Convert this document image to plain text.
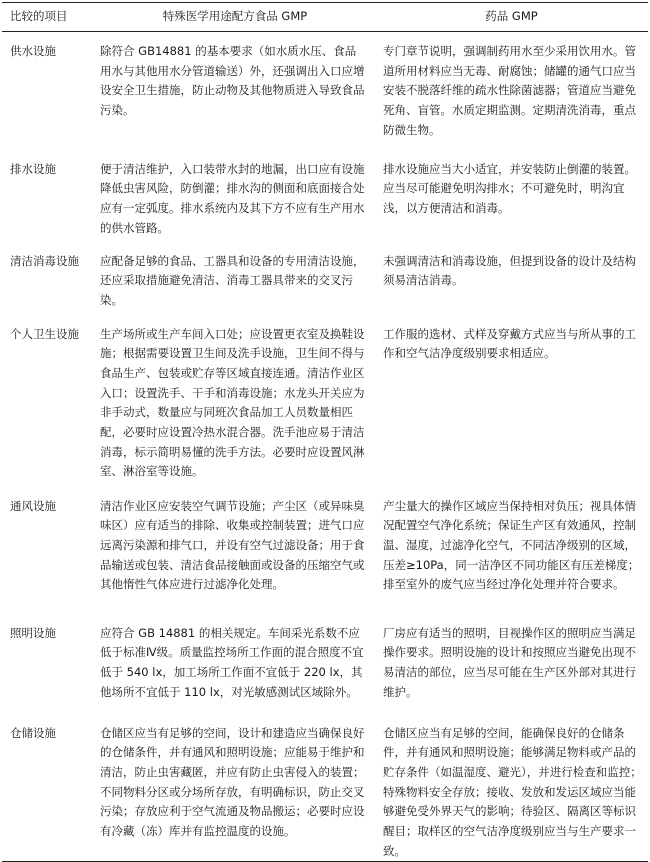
比较的项目	特殊医学用途配方食品 GMP	药品 GMP
供水设施	除符合 GB14881 的基本要求（如水质水压、食品用水与其他用水分管道输送）外，还强调出入口应增设安全卫生措施，防止动物及其他物质进入导致食品污染。	专门章节说明，强调制药用水至少采用饮用水。管道所用材料应当无毒、耐腐蚀；储罐的通气口应当安装不脱落纤维的疏水性除菌滤器；管道应当避免死角、盲管。水质定期监测。定期清洗消毒，重点防微生物。
排水设施	便于清洁维护，入口装带水封的地漏，出口应有设施降低虫害风险，防倒灌；排水沟的侧面和底面接合处应有一定弧度。排水系统内及其下方不应有生产用水的供水管路。	排水设施应当大小适宜，并安装防止倒灌的装置。应当尽可能避免明沟排水；不可避免时，明沟宜浅，以方便清洁和消毒。
清洁消毒设施	应配备足够的食品、工器具和设备的专用清洁设施，还应采取措施避免清洁、消毒工器具带来的交叉污染。	未强调清洁和消毒设施，但提到设备的设计及结构须易清洁消毒。
个人卫生设施	生产场所或生产车间入口处；应设置更衣室及换鞋设施；根据需要设置卫生间及洗手设施，卫生间不得与食品生产、包装或贮存等区域直接连通。清洁作业区入口；设置洗手、干手和消毒设施；水龙头开关应为非手动式，数量应与同班次食品加工人员数量相匹配，必要时应设置冷热水混合器。洗手池应易于清洁消毒，标示简明易懂的洗手方法。必要时应设置风淋室、淋浴室等设施。	工作服的选材、式样及穿戴方式应当与所从事的工作和空气洁净度级别要求相适应。
通风设施	清洁作业区应安装空气调节设施；产尘区（或异味臭味区）应有适当的排除、收集或控制装置；进气口应远离污染源和排气口，并设有空气过滤设备；用于食品输送或包装、清洁食品接触面或设备的压缩空气或其他惰性气体应进行过滤净化处理。	产尘量大的操作区域应当保持相对负压；视具体情况配置空气净化系统；保证生产区有效通风，控制温、湿度，过滤净化空气，不同洁净级别的区域，压差≥10Pa，同一洁净区不同功能区有压差梯度；排至室外的废气应当经过净化处理并符合要求。
照明设施	应符合 GB 14881 的相关规定。车间采光系数不应低于标准Ⅳ级。质量监控场所工作面的混合照度不宜低于 540 lx，加工场所工作面不宜低于 220 lx，其他场所不宜低于 110 lx，对光敏感测试区域除外。	厂房应有适当的照明，目视操作区的照明应当满足操作要求。照明设施的设计和按照应当避免出现不易清洁的部位，应当尽可能在生产区外部对其进行维护。
仓储设施	仓储区应当有足够的空间，设计和建造应当确保良好的仓储条件，并有通风和照明设施；应能易于维护和清洁，防止虫害藏匿，并应有防止虫害侵入的装置；不同物料分区或分场所存放，有明确标识，防止交叉污染；存放应利于空气流通及物品搬运；必要时应设有冷藏（冻）库并有监控温度的设施。	仓储区应当有足够的空间，能确保良好的仓储条件，并有通风和照明设施；能够满足物料或产品的贮存条件（如温湿度、避光），并进行检查和监控；特殊物料安全存放；接收、发放和发运区域应当能够避免受外界天气的影响；待验区、隔离区等标识醒目；取样区的空气洁净度级别应当与生产要求一致。
